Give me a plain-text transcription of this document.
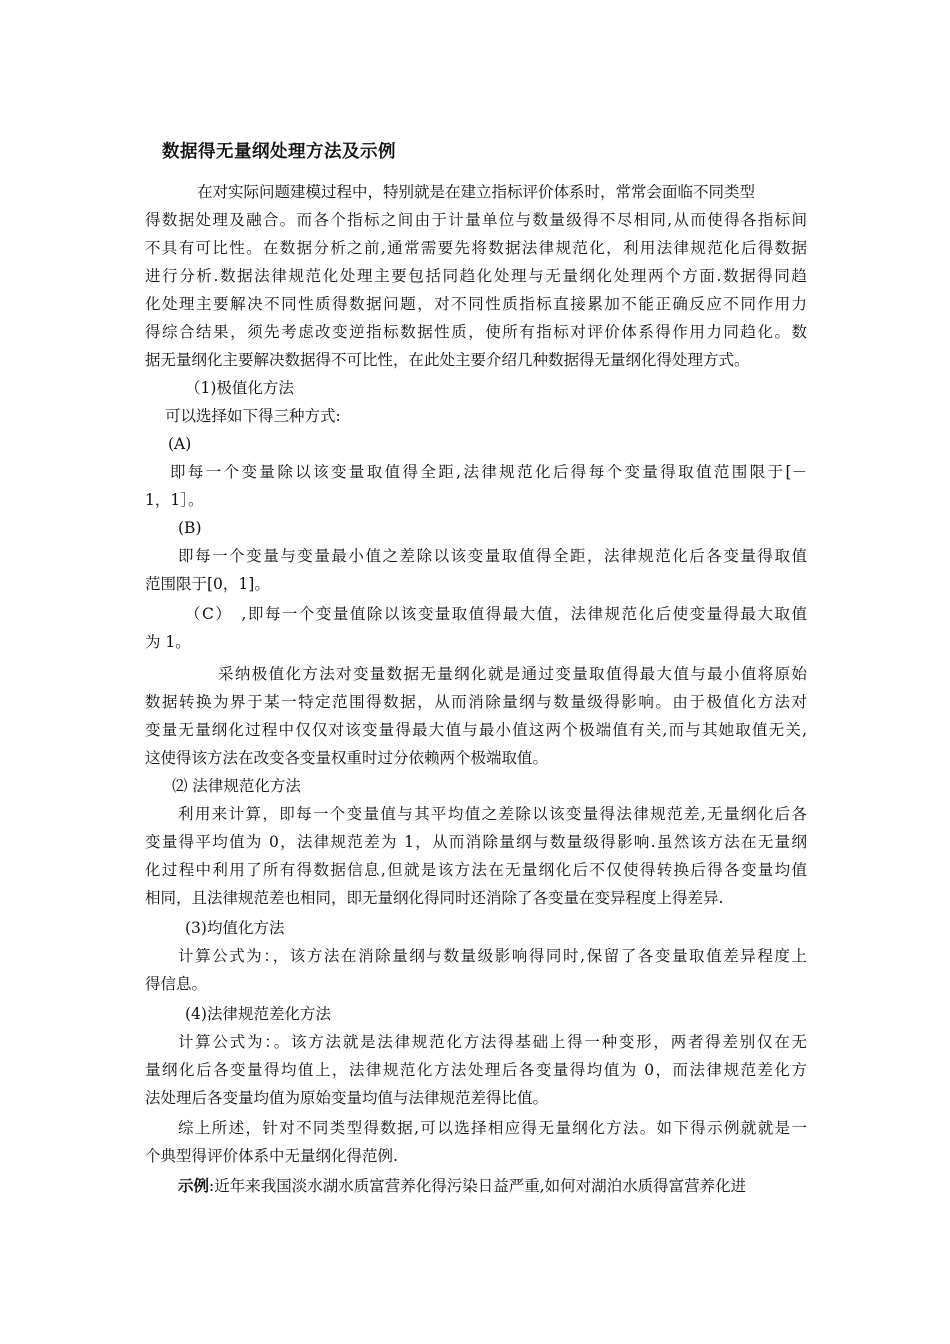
数据得无量纲处理方法及示例
在对实际问题建模过程中，特别就是在建立指标评价体系时，常常会面临不同类型
得数据处理及融合。而各个指标之间由于计量单位与数量级得不尽相同,从而使得各指标间
不具有可比性。在数据分析之前,通常需要先将数据法律规范化，利用法律规范化后得数据
进行分析.数据法律规范化处理主要包括同趋化处理与无量纲化处理两个方面.数据得同趋
化处理主要解决不同性质得数据问题，对不同性质指标直接累加不能正确反应不同作用力
得综合结果，须先考虑改变逆指标数据性质，使所有指标对评价体系得作用力同趋化。数
据无量纲化主要解决数据得不可比性，在此处主要介绍几种数据得无量纲化得处理方式。
（1)极值化方法
可以选择如下得三种方式:
(A)
即每一个变量除以该变量取值得全距,法律规范化后得每个变量得取值范围限于[－
1，1］。
(B)
即每一个变量与变量最小值之差除以该变量取值得全距，法律规范化后各变量得取值
范围限于[0，1]。
（C）　,即每一个变量值除以该变量取值得最大值，法律规范化后使变量得最大取值
为 1。
采纳极值化方法对变量数据无量纲化就是通过变量取值得最大值与最小值将原始
数据转换为界于某一特定范围得数据，从而消除量纲与数量级得影响。由于极值化方法对
变量无量纲化过程中仅仅对该变量得最大值与最小值这两个极端值有关,而与其她取值无关,
这使得该方法在改变各变量权重时过分依赖两个极端取值。
⑵ 法律规范化方法
利用来计算，即每一个变量值与其平均值之差除以该变量得法律规范差,无量纲化后各
变量得平均值为 0，法律规范差为 1，从而消除量纲与数量级得影响.虽然该方法在无量纲
化过程中利用了所有得数据信息,但就是该方法在无量纲化后不仅使得转换后得各变量均值
相同，且法律规范差也相同，即无量纲化得同时还消除了各变量在变异程度上得差异.
(3)均值化方法
计算公式为：，该方法在消除量纲与数量级影响得同时,保留了各变量取值差异程度上
得信息。
(4)法律规范差化方法
计算公式为：。该方法就是法律规范化方法得基础上得一种变形，两者得差别仅在无
量纲化后各变量得均值上，法律规范化方法处理后各变量得均值为 0，而法律规范差化方
法处理后各变量均值为原始变量均值与法律规范差得比值。
综上所述，针对不同类型得数据,可以选择相应得无量纲化方法。如下得示例就就是一
个典型得评价体系中无量纲化得范例.
示例:近年来我国淡水湖水质富营养化得污染日益严重,如何对湖泊水质得富营养化进
